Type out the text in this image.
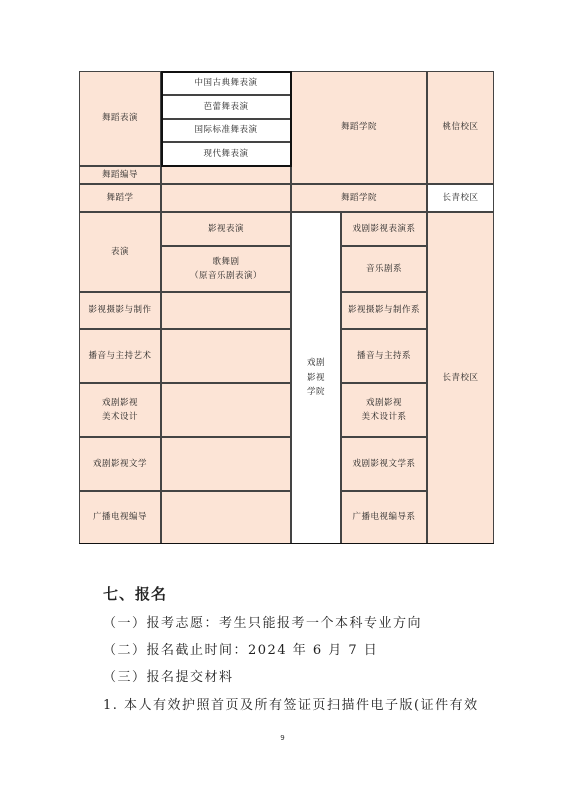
舞蹈表演
舞蹈编导
舞蹈学
表演
影视摄影与制作
播音与主持艺术
戏剧影视
美术设计
戏剧影视文学
广播电视编导
中国古典舞表演
芭蕾舞表演
国际标准舞表演
现代舞表演
影视表演
歌舞剧
（原音乐剧表演）
舞蹈学院
舞蹈学院
戏剧
影视
学院
戏剧影视表演系
音乐剧系
影视摄影与制作系
播音与主持系
戏剧影视
美术设计系
戏剧影视文学系
广播电视编导系
桃信校区
长青校区
长青校区
七、报名
（一）报考志愿：考生只能报考一个本科专业方向
（二）报名截止时间：2024 年 6 月 7 日
（三）报名提交材料
1. 本人有效护照首页及所有签证页扫描件电子版(证件有效
9
